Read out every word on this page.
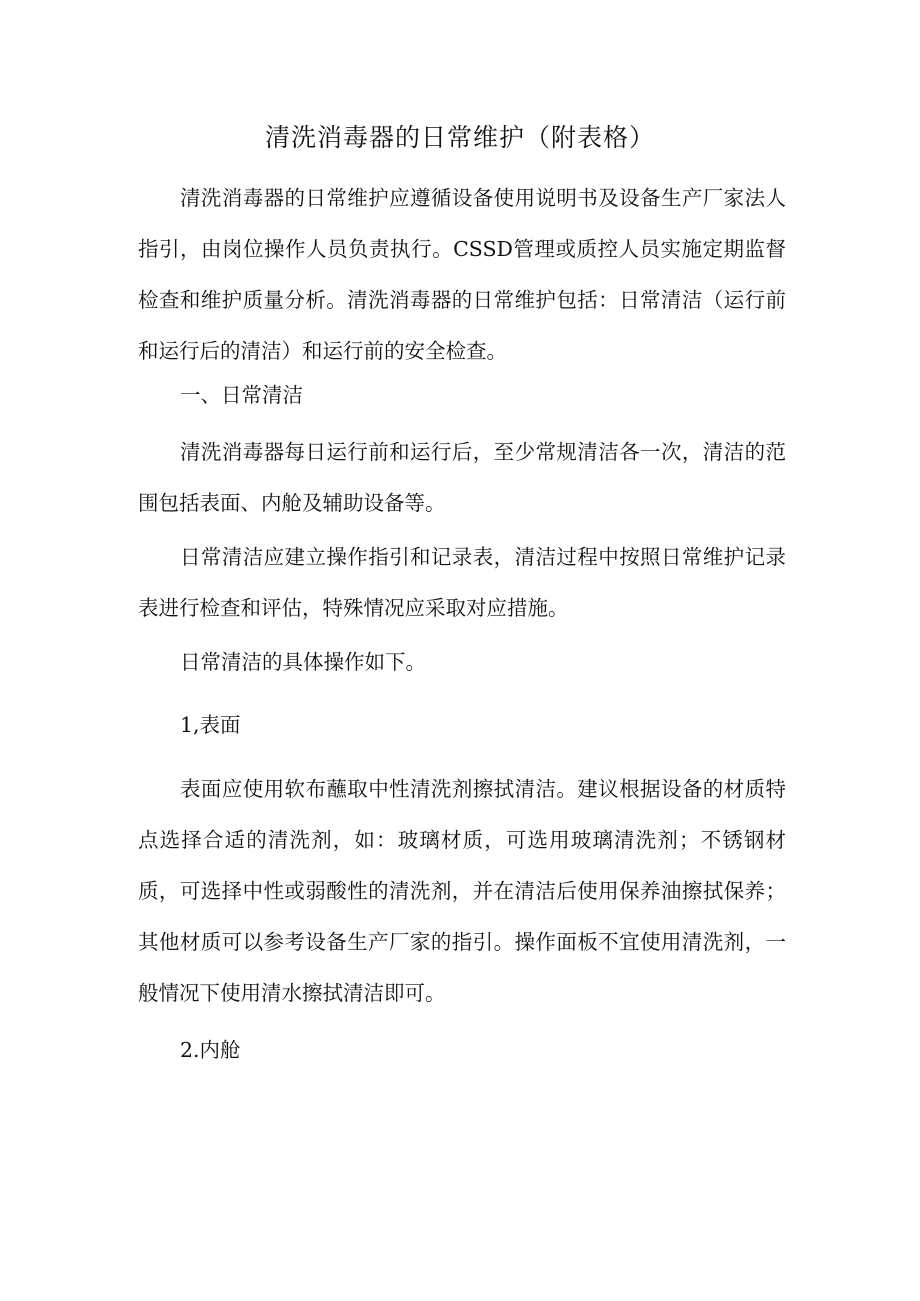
清洗消毒器的日常维护（附表格）

清洗消毒器的日常维护应遵循设备使用说明书及设备生产厂家法人指引，由岗位操作人员负责执行。CSSD管理或质控人员实施定期监督检查和维护质量分析。清洗消毒器的日常维护包括：日常清洁（运行前和运行后的清洁）和运行前的安全检查。

一、日常清洁

清洗消毒器每日运行前和运行后，至少常规清洁各一次，清洁的范围包括表面、内舱及辅助设备等。

日常清洁应建立操作指引和记录表，清洁过程中按照日常维护记录表进行检查和评估，特殊情况应采取对应措施。

日常清洁的具体操作如下。

1,表面

表面应使用软布蘸取中性清洗剂擦拭清洁。建议根据设备的材质特点选择合适的清洗剂，如：玻璃材质，可选用玻璃清洗剂；不锈钢材质，可选择中性或弱酸性的清洗剂，并在清洁后使用保养油擦拭保养；其他材质可以参考设备生产厂家的指引。操作面板不宜使用清洗剂，一般情况下使用清水擦拭清洁即可。

2.内舱
